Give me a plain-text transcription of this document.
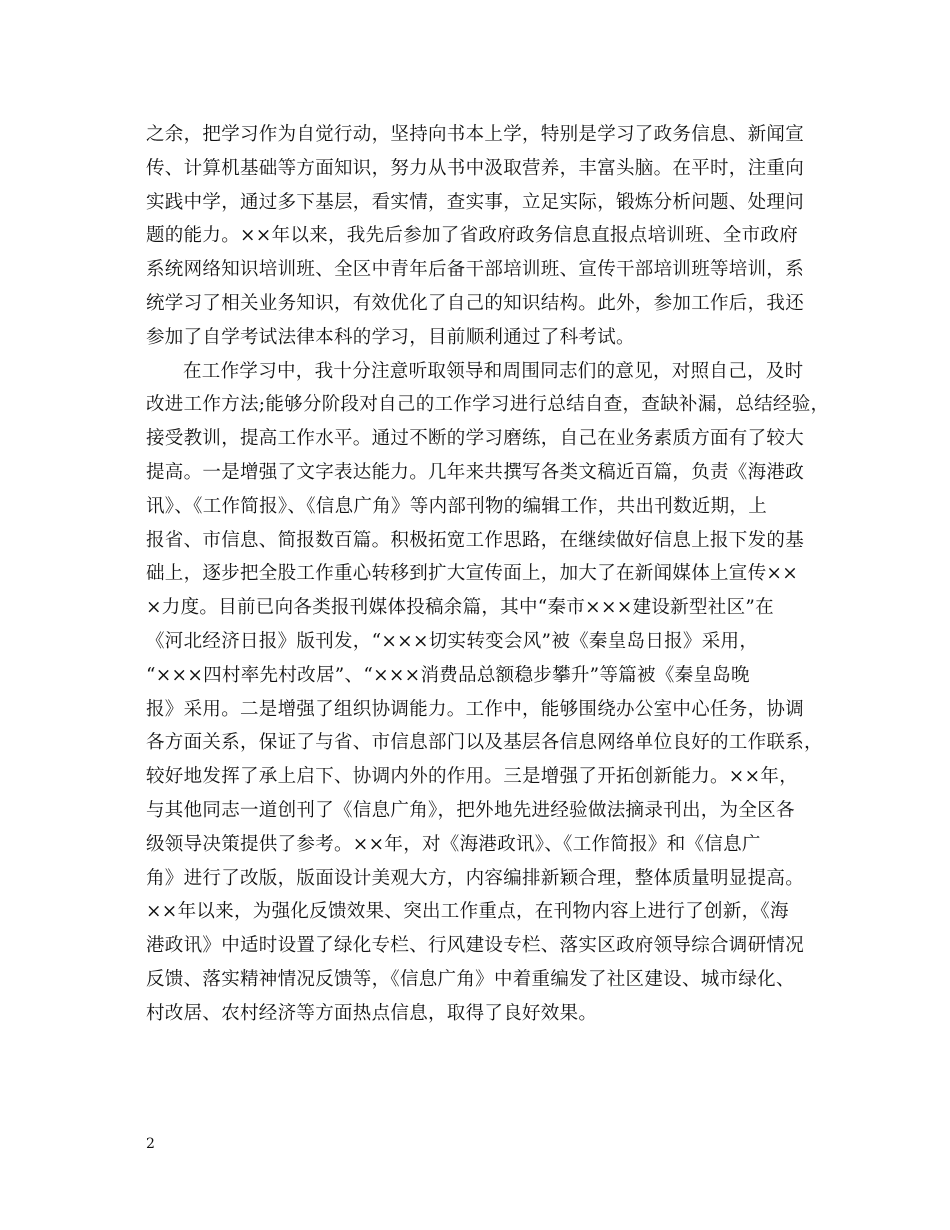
之余，把学习作为自觉行动，坚持向书本上学，特别是学习了政务信息、新闻宣
传、计算机基础等方面知识，努力从书中汲取营养，丰富头脑。在平时，注重向
实践中学，通过多下基层，看实情，查实事，立足实际，锻炼分析问题、处理问
题的能力。××年以来，我先后参加了省政府政务信息直报点培训班、全市政府
系统网络知识培训班、全区中青年后备干部培训班、宣传干部培训班等培训，系
统学习了相关业务知识，有效优化了自己的知识结构。此外，参加工作后，我还
参加了自学考试法律本科的学习，目前顺利通过了科考试。
在工作学习中，我十分注意听取领导和周围同志们的意见，对照自己，及时
改进工作方法;能够分阶段对自己的工作学习进行总结自查，查缺补漏，总结经验，
接受教训，提高工作水平。通过不断的学习磨练，自己在业务素质方面有了较大
提高。一是增强了文字表达能力。几年来共撰写各类文稿近百篇，负责《海港政
讯》、《工作简报》、《信息广角》等内部刊物的编辑工作，共出刊数近期，上
报省、市信息、简报数百篇。积极拓宽工作思路，在继续做好信息上报下发的基
础上，逐步把全股工作重心转移到扩大宣传面上，加大了在新闻媒体上宣传××
×力度。目前已向各类报刊媒体投稿余篇，其中“秦市×××建设新型社区”在
《河北经济日报》版刊发，“×××切实转变会风”被《秦皇岛日报》采用，
“×××四村率先村改居”、“×××消费品总额稳步攀升”等篇被《秦皇岛晚
报》采用。二是增强了组织协调能力。工作中，能够围绕办公室中心任务，协调
各方面关系，保证了与省、市信息部门以及基层各信息网络单位良好的工作联系，
较好地发挥了承上启下、协调内外的作用。三是增强了开拓创新能力。××年，
与其他同志一道创刊了《信息广角》，把外地先进经验做法摘录刊出，为全区各
级领导决策提供了参考。××年，对《海港政讯》、《工作简报》和《信息广
角》进行了改版，版面设计美观大方，内容编排新颖合理，整体质量明显提高。
××年以来，为强化反馈效果、突出工作重点，在刊物内容上进行了创新，《海
港政讯》中适时设置了绿化专栏、行风建设专栏、落实区政府领导综合调研情况
反馈、落实精神情况反馈等，《信息广角》中着重编发了社区建设、城市绿化、
村改居、农村经济等方面热点信息，取得了良好效果。
2
